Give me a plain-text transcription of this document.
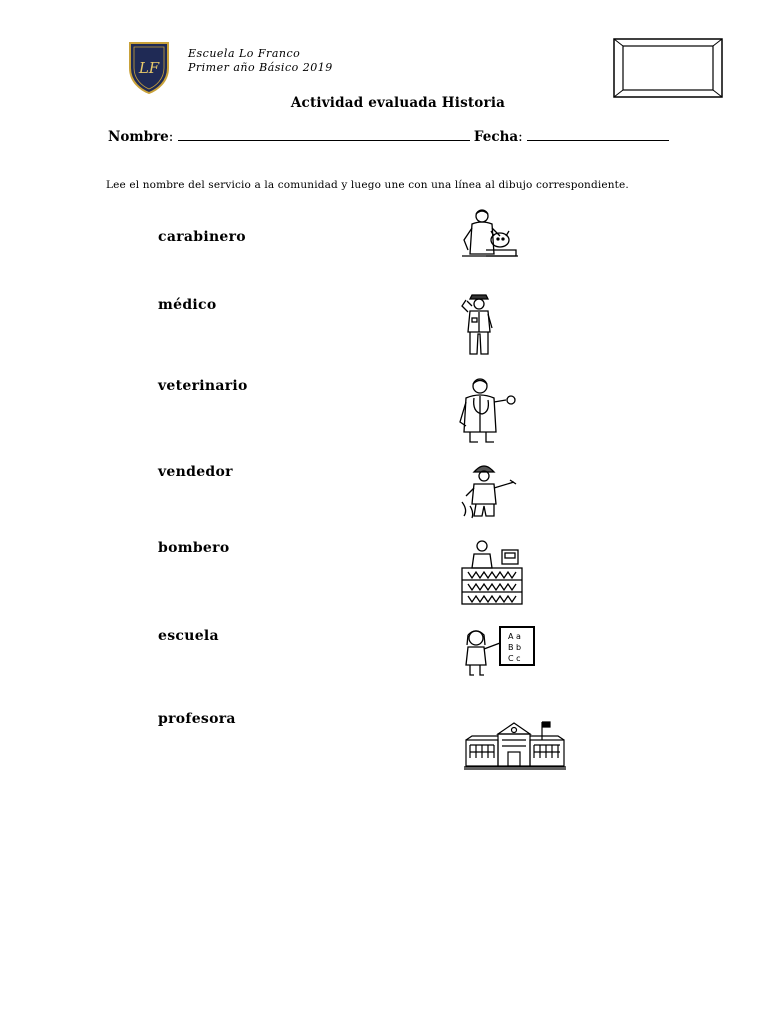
LF
Escuela Lo Franco
Primer año Básico 2019
Actividad evaluada Historia
Nombre:	Fecha:
Lee el nombre del servicio a la comunidad y luego une con una línea al dibujo correspondiente.
carabinero
médico
veterinario
vendedor
bombero
escuela
profesora
A a
B b
C c
